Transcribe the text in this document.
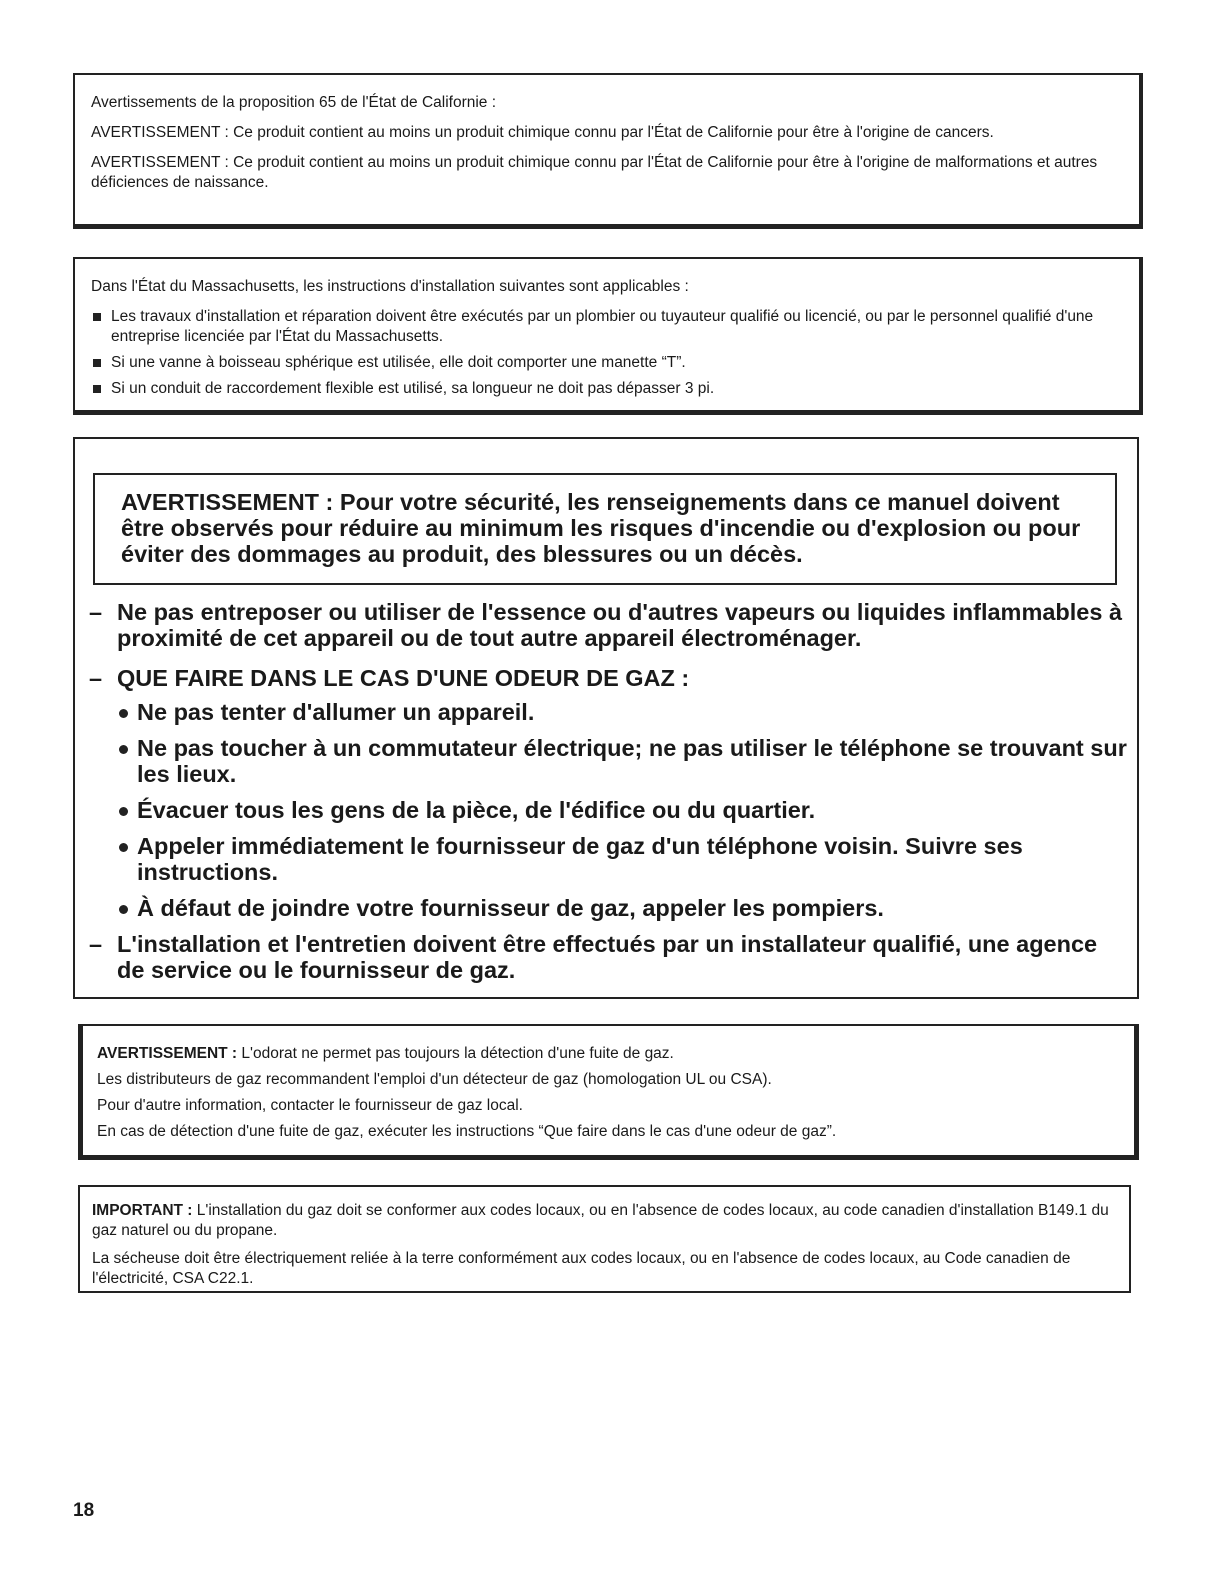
Avertissements de la proposition 65 de l'État de Californie :

AVERTISSEMENT : Ce produit contient au moins un produit chimique connu par l'État de Californie pour être à l'origine de cancers.

AVERTISSEMENT : Ce produit contient au moins un produit chimique connu par l'État de Californie pour être à l'origine de malformations et autres déficiences de naissance.

Dans l'État du Massachusetts, les instructions d'installation suivantes sont applicables :

Les travaux d'installation et réparation doivent être exécutés par un plombier ou tuyauteur qualifié ou licencié, ou par le personnel qualifié d'une entreprise licenciée par l'État du Massachusetts.
Si une vanne à boisseau sphérique est utilisée, elle doit comporter une manette “T”.
Si un conduit de raccordement flexible est utilisé, sa longueur ne doit pas dépasser 3 pi.
AVERTISSEMENT : Pour votre sécurité, les renseignements dans ce manuel doivent être observés pour réduire au minimum les risques d'incendie ou d'explosion ou pour éviter des dommages au produit, des blessures ou un décès.
– Ne pas entreposer ou utiliser de l'essence ou d'autres vapeurs ou liquides inflammables à proximité de cet appareil ou de tout autre appareil électroménager.
– QUE FAIRE DANS LE CAS D'UNE ODEUR DE GAZ :
Ne pas tenter d'allumer un appareil.
Ne pas toucher à un commutateur électrique; ne pas utiliser le téléphone se trouvant sur les lieux.
Évacuer tous les gens de la pièce, de l'édifice ou du quartier.
Appeler immédiatement le fournisseur de gaz d'un téléphone voisin. Suivre ses instructions.
À défaut de joindre votre fournisseur de gaz, appeler les pompiers.
– L'installation et l'entretien doivent être effectués par un installateur qualifié, une agence de service ou le fournisseur de gaz.

AVERTISSEMENT : L'odorat ne permet pas toujours la détection d'une fuite de gaz.

Les distributeurs de gaz recommandent l'emploi d'un détecteur de gaz (homologation UL ou CSA).

Pour d'autre information, contacter le fournisseur de gaz local.

En cas de détection d'une fuite de gaz, exécuter les instructions “Que faire dans le cas d'une odeur de gaz”.

IMPORTANT : L'installation du gaz doit se conformer aux codes locaux, ou en l'absence de codes locaux, au code canadien d'installation B149.1 du gaz naturel ou du propane.

La sécheuse doit être électriquement reliée à la terre conformément aux codes locaux, ou en l'absence de codes locaux, au Code canadien de l'électricité, CSA C22.1.

18
